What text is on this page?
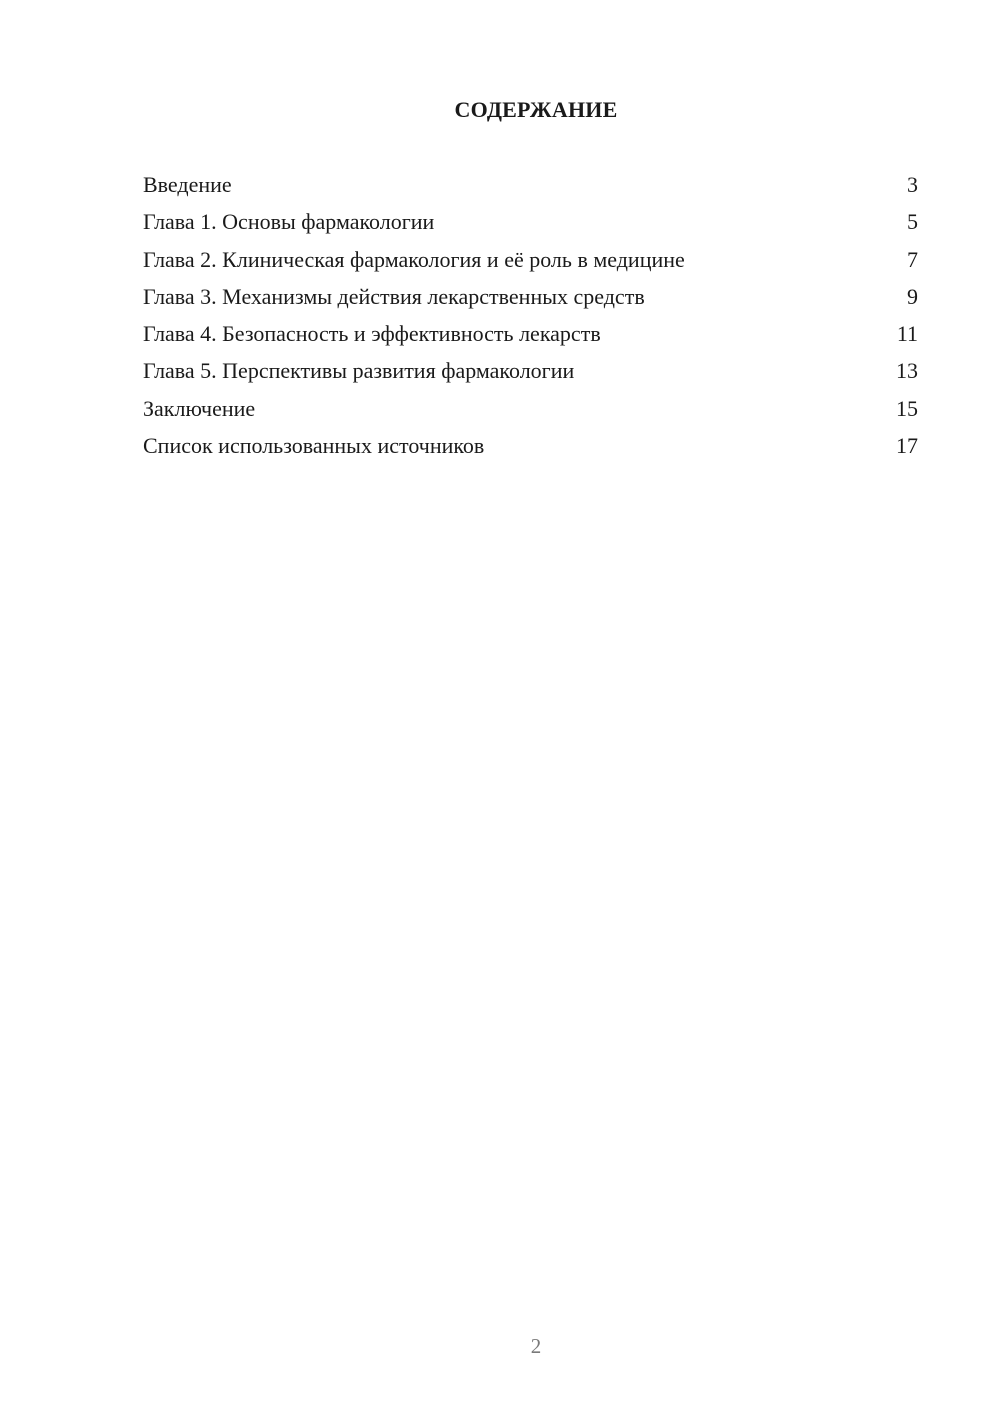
СОДЕРЖАНИЕ
Введение	3
Глава 1. Основы фармакологии	5
Глава 2. Клиническая фармакология и её роль в медицине	7
Глава 3. Механизмы действия лекарственных средств	9
Глава 4. Безопасность и эффективность лекарств	11
Глава 5. Перспективы развития фармакологии	13
Заключение	15
Список использованных источников	17
2
